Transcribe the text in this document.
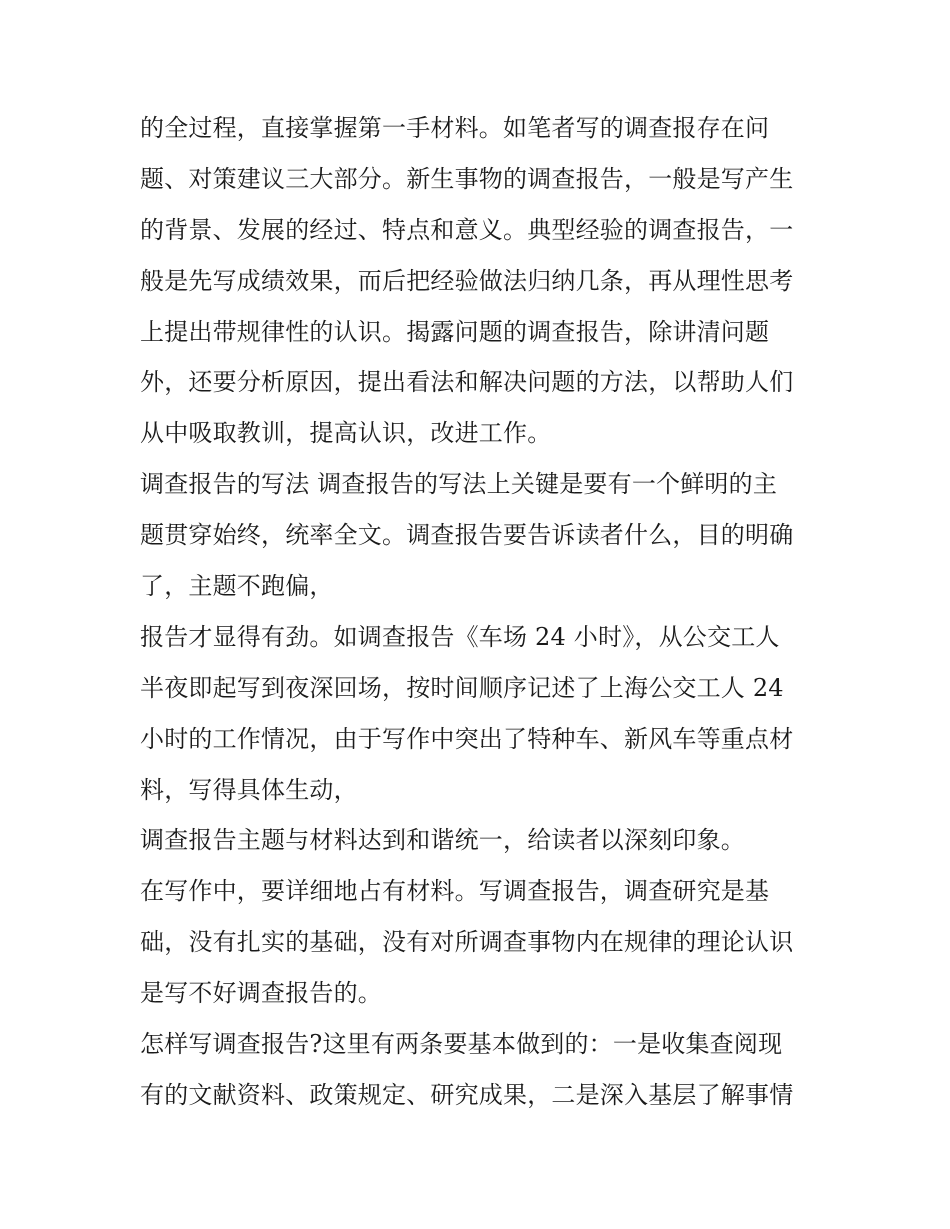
的全过程，直接掌握第一手材料。如笔者写的调查报存在问
题、对策建议三大部分。新生事物的调查报告，一般是写产生
的背景、发展的经过、特点和意义。典型经验的调查报告，一
般是先写成绩效果，而后把经验做法归纳几条，再从理性思考
上提出带规律性的认识。揭露问题的调查报告，除讲清问题
外，还要分析原因，提出看法和解决问题的方法，以帮助人们
从中吸取教训，提高认识，改进工作。
调查报告的写法 调查报告的写法上关键是要有一个鲜明的主
题贯穿始终，统率全文。调查报告要告诉读者什么，目的明确
了，主题不跑偏，
报告才显得有劲。如调查报告《车场 24 小时》，从公交工人
半夜即起写到夜深回场，按时间顺序记述了上海公交工人 24
小时的工作情况，由于写作中突出了特种车、新风车等重点材
料，写得具体生动，
调查报告主题与材料达到和谐统一，给读者以深刻印象。
在写作中，要详细地占有材料。写调查报告，调查研究是基
础，没有扎实的基础，没有对所调查事物内在规律的理论认识
是写不好调查报告的。
怎样写调查报告?这里有两条要基本做到的：一是收集查阅现
有的文献资料、政策规定、研究成果，二是深入基层了解事情
